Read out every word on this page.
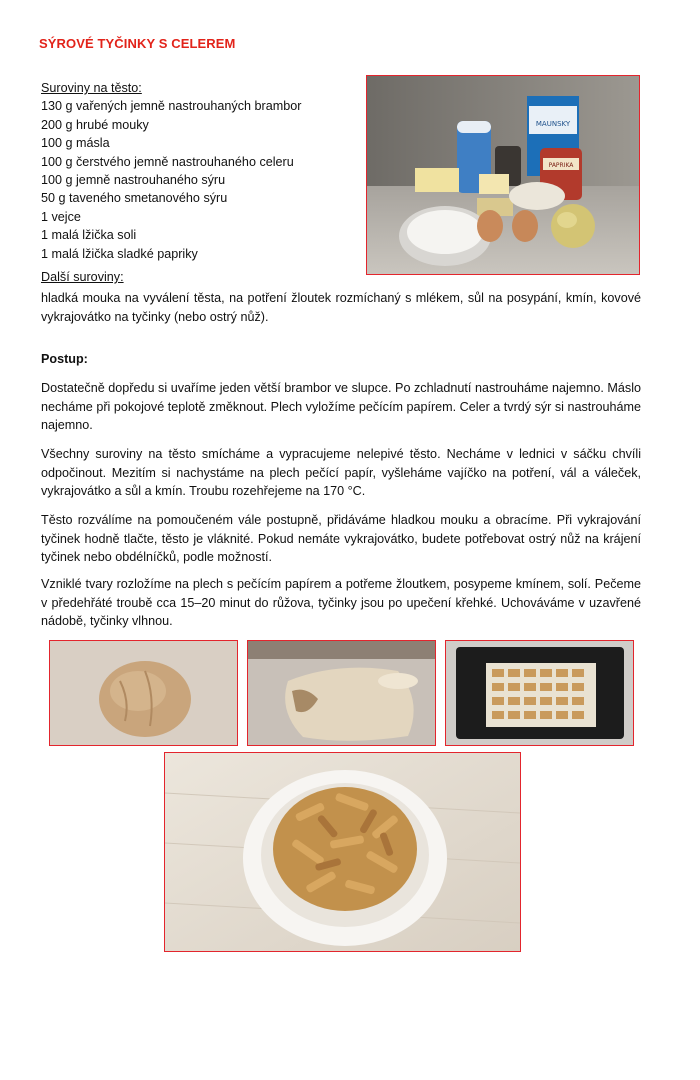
SÝROVÉ TYČINKY S CELEREM
Suroviny na těsto:
130 g vařených jemně nastrouhaných brambor
200 g hrubé mouky
100 g másla
100 g čerstvého jemně nastrouhaného celeru
100 g jemně nastrouhaného sýru
50 g taveného smetanového sýru
1 vejce
1 malá lžička soli
1 malá lžička sladké papriky
MAUNSKY
PAPRIKA
Další suroviny:
hladká mouka na vyválení těsta, na potření žloutek rozmíchaný s mlékem, sůl na posypání, kmín, kovové vykrajovátko na tyčinky (nebo ostrý nůž).
Postup:
Dostatečně dopředu si uvaříme jeden větší brambor ve slupce. Po zchladnutí nastrouháme najemno. Máslo necháme při pokojové teplotě změknout. Plech vyložíme pečícím papírem. Celer a tvrdý sýr si nastrouháme najemno.
Všechny suroviny na těsto smícháme a vypracujeme nelepivé těsto. Necháme v lednici v sáčku chvíli odpočinout. Mezitím si nachystáme na plech pečící papír, vyšleháme vajíčko na potření, vál a váleček, vykrajovátko a sůl a kmín. Troubu rozehřejeme na 170 °C.
Těsto rozválíme na pomoučeném vále postupně, přidáváme hladkou mouku a obracíme. Při vykrajování tyčinek hodně tlačte, těsto je vláknité. Pokud nemáte vykrajovátko, budete potřebovat ostrý nůž na krájení tyčinek nebo obdélníčků, podle možností.
Vzniklé tvary rozložíme na plech s pečícím papírem a potřeme žloutkem, posypeme kmínem, solí. Pečeme v předehřáté troubě cca 15–20 minut do růžova, tyčinky jsou po upečení křehké. Uchováváme v uzavřené nádobě, tyčinky vlhnou.
